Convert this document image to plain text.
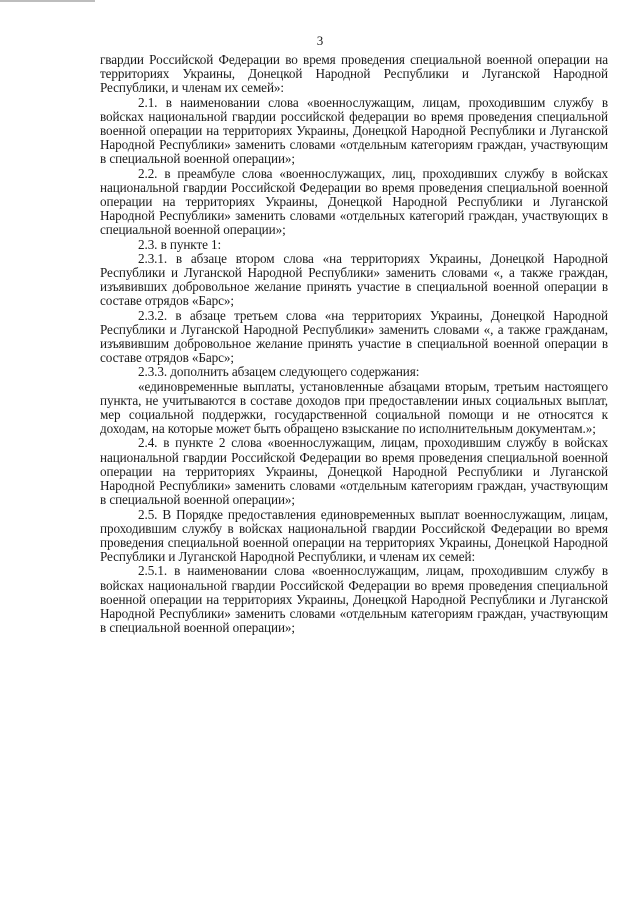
3

гвардии Российской Федерации во время проведения специальной военной операции на территориях Украины, Донецкой Народной Республики и Луганской Народной Республики, и членам их семей»:

2.1. в наименовании слова «военнослужащим, лицам, проходившим службу в войсках национальной гвардии российской федерации во время проведения специальной военной операции на территориях Украины, Донецкой Народной Республики и Луганской Народной Республики» заменить словами «отдельным категориям граждан, участвующим в специальной военной операции»;

2.2. в преамбуле слова «военнослужащих, лиц, проходивших службу в войсках национальной гвардии Российской Федерации во время проведения специальной военной операции на территориях Украины, Донецкой Народной Республики и Луганской Народной Республики» заменить словами «отдельных категорий граждан, участвующих в специальной военной операции»;

2.3. в пункте 1:

2.3.1. в абзаце втором слова «на территориях Украины, Донецкой Народной Республики и Луганской Народной Республики» заменить словами «, а также граждан, изъявивших добровольное желание принять участие в специальной военной операции в составе отрядов «Барс»;

2.3.2. в абзаце третьем слова «на территориях Украины, Донецкой Народной Республики и Луганской Народной Республики» заменить словами «, а также гражданам, изъявившим добровольное желание принять участие в специальной военной операции в составе отрядов «Барс»;

2.3.3. дополнить абзацем следующего содержания:

«единовременные выплаты, установленные абзацами вторым, третьим настоящего пункта, не учитываются в составе доходов при предоставлении иных социальных выплат, мер социальной поддержки, государственной социальной помощи и не относятся к доходам, на которые может быть обращено взыскание по исполнительным документам.»;

2.4. в пункте 2 слова «военнослужащим, лицам, проходившим службу в войсках национальной гвардии Российской Федерации во время проведения специальной военной операции на территориях Украины, Донецкой Народной Республики и Луганской Народной Республики» заменить словами «отдельным категориям граждан, участвующим в специальной военной операции»;

2.5. В Порядке предоставления единовременных выплат военнослужащим, лицам, проходившим службу в войсках национальной гвардии Российской Федерации во время проведения специальной военной операции на территориях Украины, Донецкой Народной Республики и Луганской Народной Республики, и членам их семей:

2.5.1. в наименовании слова «военнослужащим, лицам, проходившим службу в войсках национальной гвардии Российской Федерации во время проведения специальной военной операции на территориях Украины, Донецкой Народной Республики и Луганской Народной Республики» заменить словами «отдельным категориям граждан, участвующим в специальной военной операции»;
